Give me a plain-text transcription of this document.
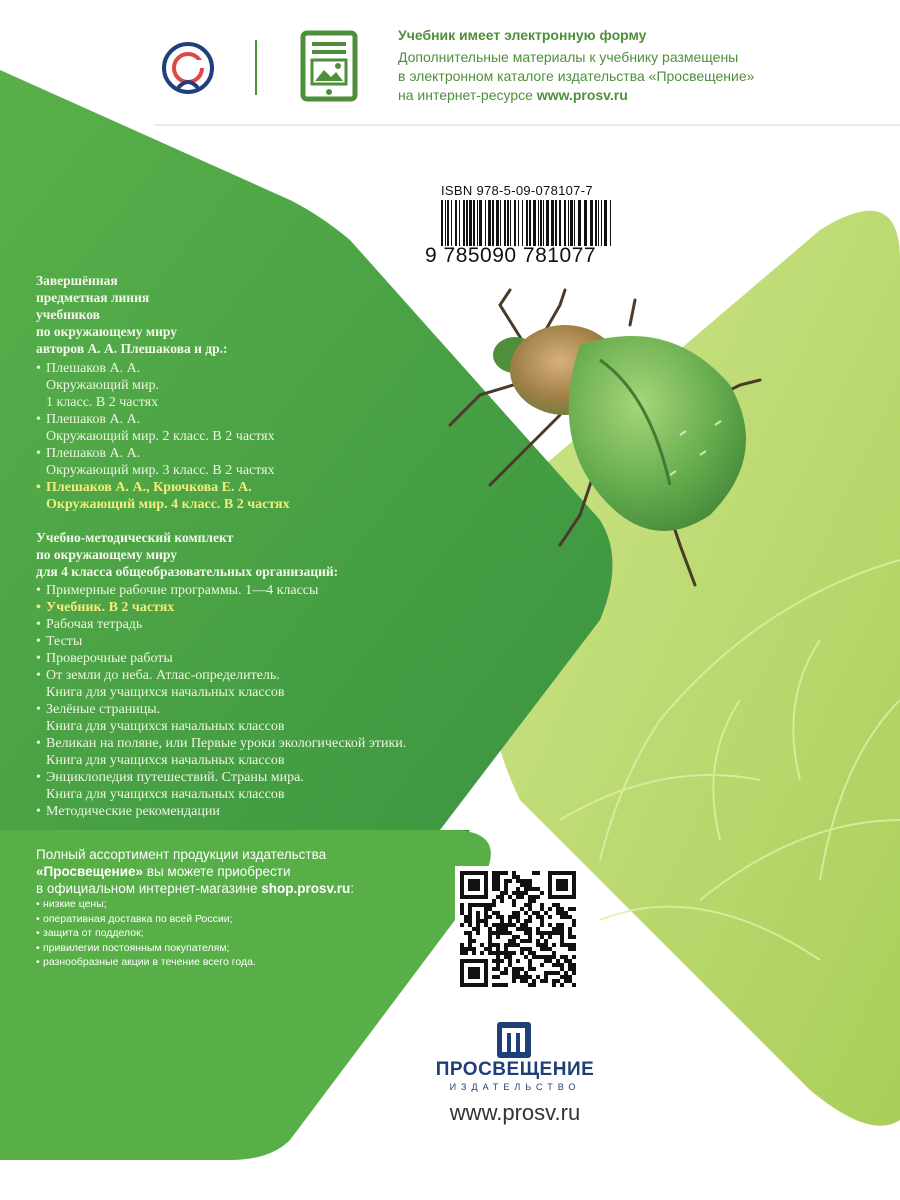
Учебник имеет электронную форму
Дополнительные материалы к учебнику размещены
в электронном каталоге издательства «Просвещение»
на интернет-ресурсе www.prosv.ru
ISBN 978-5-09-078107-7
9 785090 781077
Завершённая
предметная линия
учебников
по окружающему миру
авторов А. А. Плешакова и др.:
• Плешаков А. А.
Окружающий мир.
1 класс. В 2 частях
• Плешаков А. А.
Окружающий мир. 2 класс. В 2 частях
• Плешаков А. А.
Окружающий мир. 3 класс. В 2 частях
• Плешаков А. А., Крючкова Е. А.
Окружающий мир. 4 класс. В 2 частях
Учебно-методический комплект
по окружающему миру
для 4 класса общеобразовательных организаций:
• Примерные рабочие программы. 1—4 классы
• Учебник. В 2 частях
• Рабочая тетрадь
• Тесты
• Проверочные работы
• От земли до неба. Атлас-определитель.
Книга для учащихся начальных классов
• Зелёные страницы.
Книга для учащихся начальных классов
• Великан на поляне, или Первые уроки экологической этики.
Книга для учащихся начальных классов
• Энциклопедия путешествий. Страны мира.
Книга для учащихся начальных классов
• Методические рекомендации
Полный ассортимент продукции издательства
«Просвещение» вы можете приобрести
в официальном интернет-магазине shop.prosv.ru:
• низкие цены;
• оперативная доставка по всей России;
• защита от подделок;
• привилегии постоянным покупателям;
• разнообразные акции в течение всего года.
ПРОСВЕЩЕНИЕ
ИЗДАТЕЛЬСТВО
www.prosv.ru
